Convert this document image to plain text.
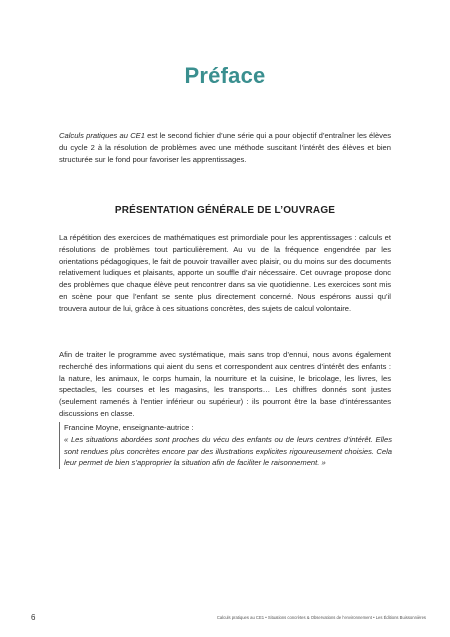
Préface

Calculs pratiques au CE1 est le second fichier d’une série qui a pour objectif d’entraîner les élèves du cycle 2 à la résolution de problèmes avec une méthode suscitant l’intérêt des élèves et bien structurée sur le fond pour favoriser les apprentissages.

PRÉSENTATION GÉNÉRALE DE L’OUVRAGE

La répétition des exercices de mathématiques est primordiale pour les apprentissages : calculs et résolutions de problèmes tout particulièrement. Au vu de la fréquence engendrée par les orientations pédagogiques, le fait de pouvoir travailler avec plaisir, ou du moins sur des documents relativement ludiques et plaisants, apporte un souffle d’air nécessaire. Cet ouvrage propose donc des problèmes que chaque élève peut rencontrer dans sa vie quotidienne. Les exercices sont mis en scène pour que l’enfant se sente plus directement concerné. Nous espérons aussi qu’il trouvera autour de lui, grâce à ces situations concrètes, des sujets de calcul volontaire.

Afin de traiter le programme avec systématique, mais sans trop d’ennui, nous avons également recherché des informations qui aient du sens et correspondent aux centres d’intérêt des enfants : la nature, les animaux, le corps humain, la nourriture et la cuisine, le bricolage, les livres, les spectacles, les courses et les magasins, les transports… Les chiffres donnés sont justes (seulement ramenés à l’entier inférieur ou supérieur) : ils pourront être la base d’intéressantes discussions en classe.

Francine Moyne, enseignante-autrice :

« Les situations abordées sont proches du vécu des enfants ou de leurs centres d’intérêt. Elles sont rendues plus concrètes encore par des illustrations explicites rigoureusement choisies. Cela leur permet de bien s’approprier la situation afin de faciliter le raisonnement. »

6	Calculs pratiques au CE1 • Situations concrètes & Observations de l’environnement • Les Éditions Buissonnières
